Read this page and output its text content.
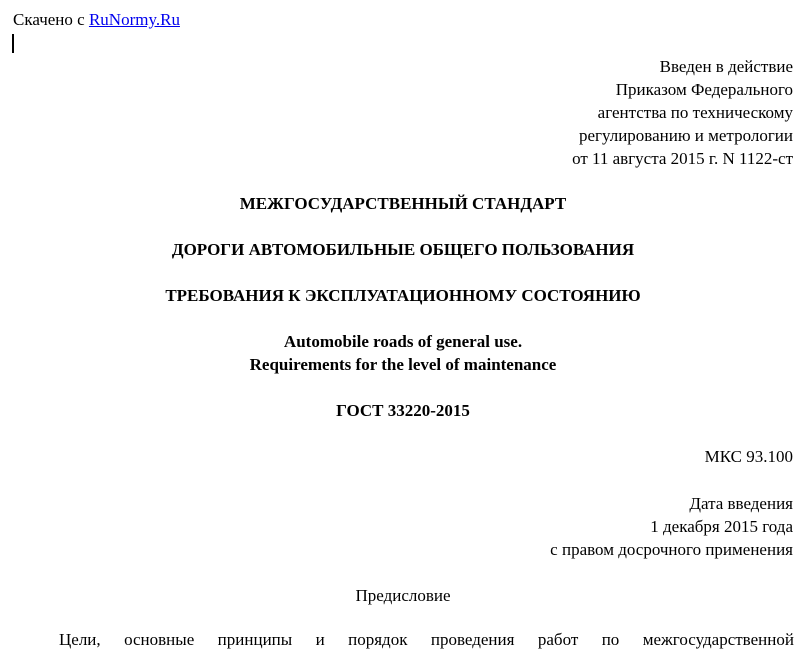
Скачено с RuNormy.Ru
Введен в действие
Приказом Федерального
агентства по техническому
регулированию и метрологии
от 11 августа 2015 г. N 1122-ст
МЕЖГОСУДАРСТВЕННЫЙ СТАНДАРТ
ДОРОГИ АВТОМОБИЛЬНЫЕ ОБЩЕГО ПОЛЬЗОВАНИЯ
ТРЕБОВАНИЯ К ЭКСПЛУАТАЦИОННОМУ СОСТОЯНИЮ
Automobile roads of general use.
Requirements for the level of maintenance
ГОСТ 33220-2015
МКС 93.100
Дата введения
1 декабря 2015 года
с правом досрочного применения
Предисловие
Цели, основные принципы и порядок проведения работ по межгосударственной
